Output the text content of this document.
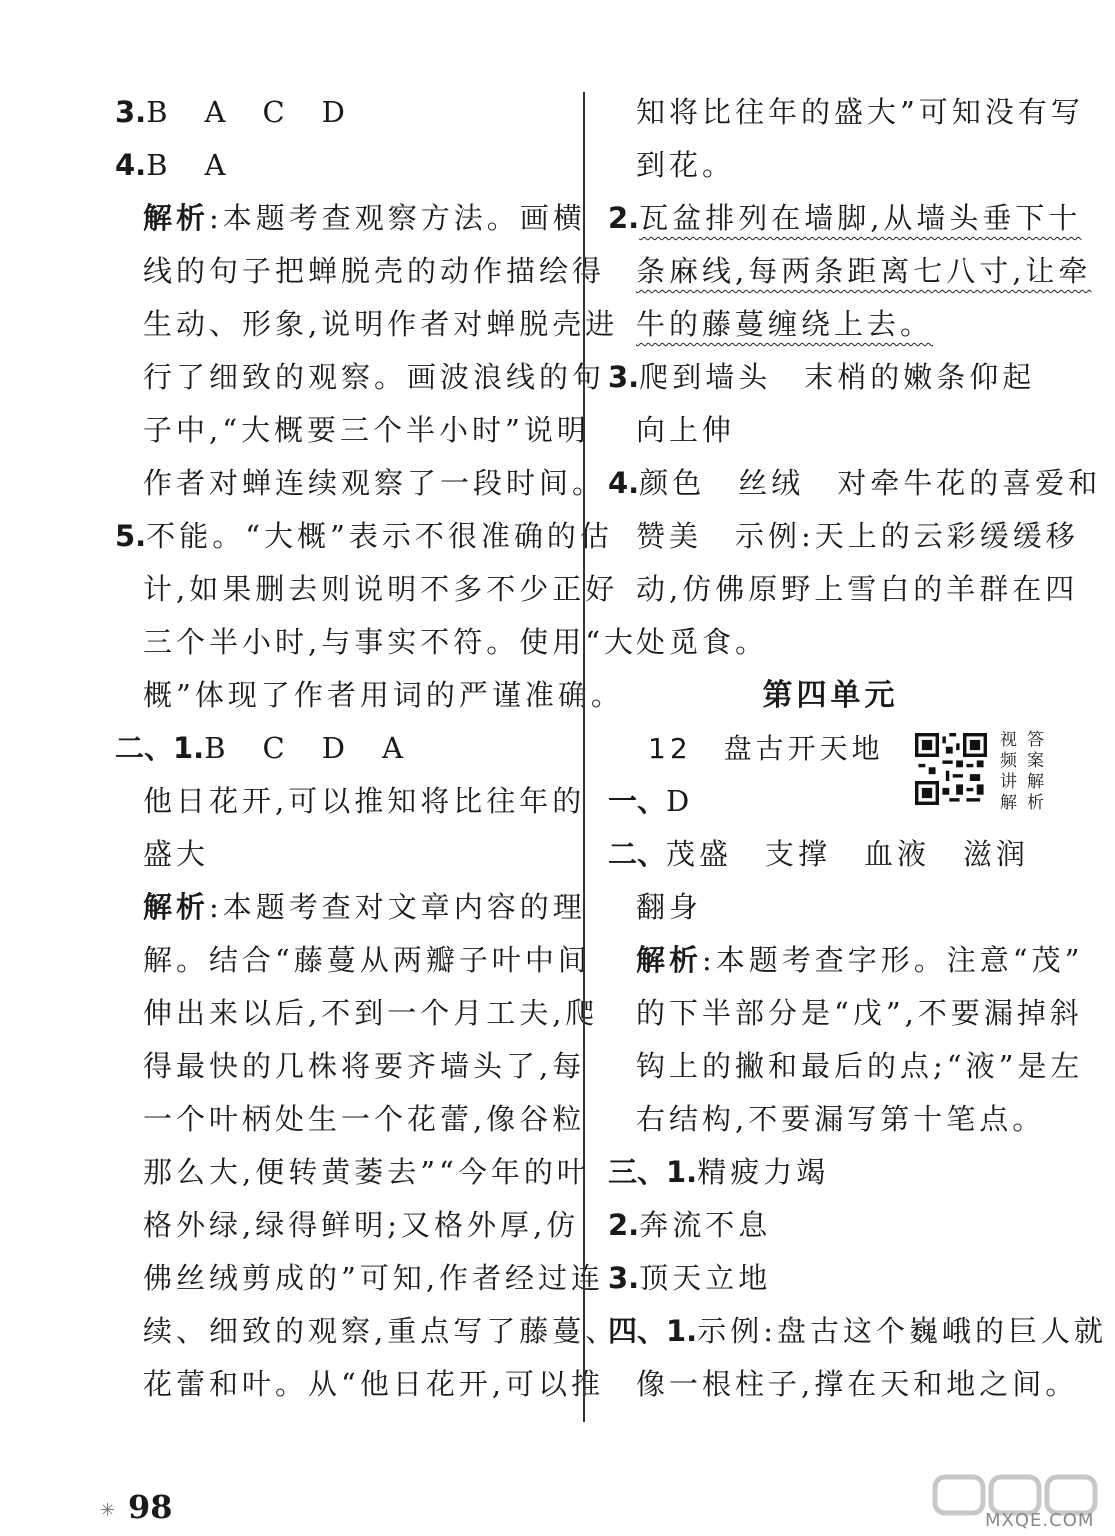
3.B　A　C　D
4.B　A
解析:本题考查观察方法。画横
线的句子把蝉脱壳的动作描绘得
生动、形象,说明作者对蝉脱壳进
行了细致的观察。画波浪线的句
子中,“大概要三个半小时”说明
作者对蝉连续观察了一段时间。
5.不能。“大概”表示不很准确的估
计,如果删去则说明不多不少正好
三个半小时,与事实不符。使用“大
概”体现了作者用词的严谨准确。
二、1.B　C　D　A
他日花开,可以推知将比往年的
盛大
解析:本题考查对文章内容的理
解。结合“藤蔓从两瓣子叶中间
伸出来以后,不到一个月工夫,爬
得最快的几株将要齐墙头了,每
一个叶柄处生一个花蕾,像谷粒
那么大,便转黄萎去”“今年的叶
格外绿,绿得鲜明;又格外厚,仿
佛丝绒剪成的”可知,作者经过连
续、细致的观察,重点写了藤蔓、
花蕾和叶。从“他日花开,可以推
知将比往年的盛大”可知没有写
到花。
2.瓦盆排列在墙脚,从墙头垂下十
条麻线,每两条距离七八寸,让牵
牛的藤蔓缠绕上去。
3.爬到墙头　末梢的嫩条仰起
向上伸
4.颜色　丝绒　对牵牛花的喜爱和
赞美　示例:天上的云彩缓缓移
动,仿佛原野上雪白的羊群在四
处觅食。
第四单元
12　盘古开天地
一、D
二、茂盛　支撑　血液　滋润
翻身
解析:本题考查字形。注意“茂”
的下半部分是“戊”,不要漏掉斜
钩上的撇和最后的点;“液”是左
右结构,不要漏写第十笔点。
三、1.精疲力竭
2.奔流不息
3.顶天立地
四、1.示例:盘古这个巍峨的巨人就
像一根柱子,撑在天和地之间。
视 答
频 案
讲 解
解 析
✳ 98	MXQE.COM
